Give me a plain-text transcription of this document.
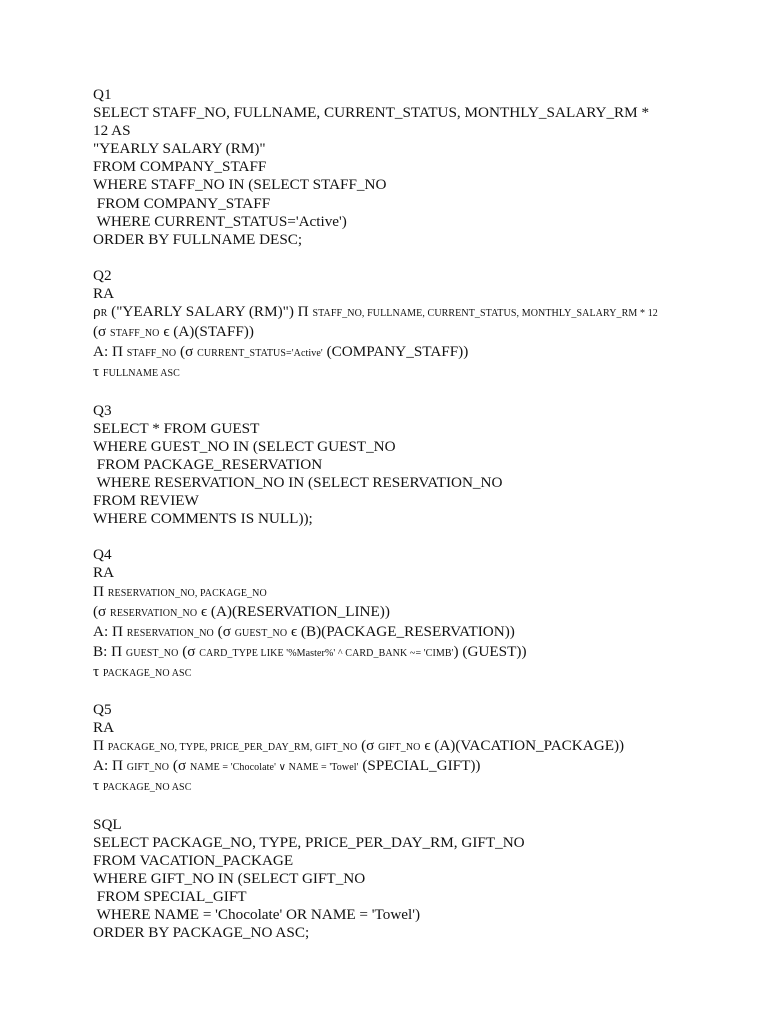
Q1
SELECT STAFF_NO, FULLNAME, CURRENT_STATUS, MONTHLY_SALARY_RM *
12 AS
"YEARLY SALARY (RM)"
FROM COMPANY_STAFF
WHERE STAFF_NO IN (SELECT STAFF_NO
FROM COMPANY_STAFF
WHERE CURRENT_STATUS='Active')
ORDER BY FULLNAME DESC;
Q2
RA
ρR ("YEARLY SALARY (RM)") Π STAFF_NO, FULLNAME, CURRENT_STATUS, MONTHLY_SALARY_RM * 12
(σ STAFF_NO ϵ (A)(STAFF))
A: Π STAFF_NO (σ CURRENT_STATUS='Active' (COMPANY_STAFF))
τ FULLNAME ASC
Q3
SELECT * FROM GUEST
WHERE GUEST_NO IN (SELECT GUEST_NO
FROM PACKAGE_RESERVATION
WHERE RESERVATION_NO IN (SELECT RESERVATION_NO
FROM REVIEW
WHERE COMMENTS IS NULL));
Q4
RA
Π RESERVATION_NO, PACKAGE_NO
(σ RESERVATION_NO ϵ (A)(RESERVATION_LINE))
A: Π RESERVATION_NO (σ GUEST_NO ϵ (B)(PACKAGE_RESERVATION))
B: Π GUEST_NO (σ CARD_TYPE LIKE '%Master%' ^ CARD_BANK ~= 'CIMB') (GUEST))
τ PACKAGE_NO ASC
Q5
RA
Π PACKAGE_NO, TYPE, PRICE_PER_DAY_RM, GIFT_NO (σ GIFT_NO ϵ (A)(VACATION_PACKAGE))
A: Π GIFT_NO (σ NAME = 'Chocolate' ∨ NAME = 'Towel' (SPECIAL_GIFT))
τ PACKAGE_NO ASC
SQL
SELECT PACKAGE_NO, TYPE, PRICE_PER_DAY_RM, GIFT_NO
FROM VACATION_PACKAGE
WHERE GIFT_NO IN (SELECT GIFT_NO
FROM SPECIAL_GIFT
WHERE NAME = 'Chocolate' OR NAME = 'Towel')
ORDER BY PACKAGE_NO ASC;
